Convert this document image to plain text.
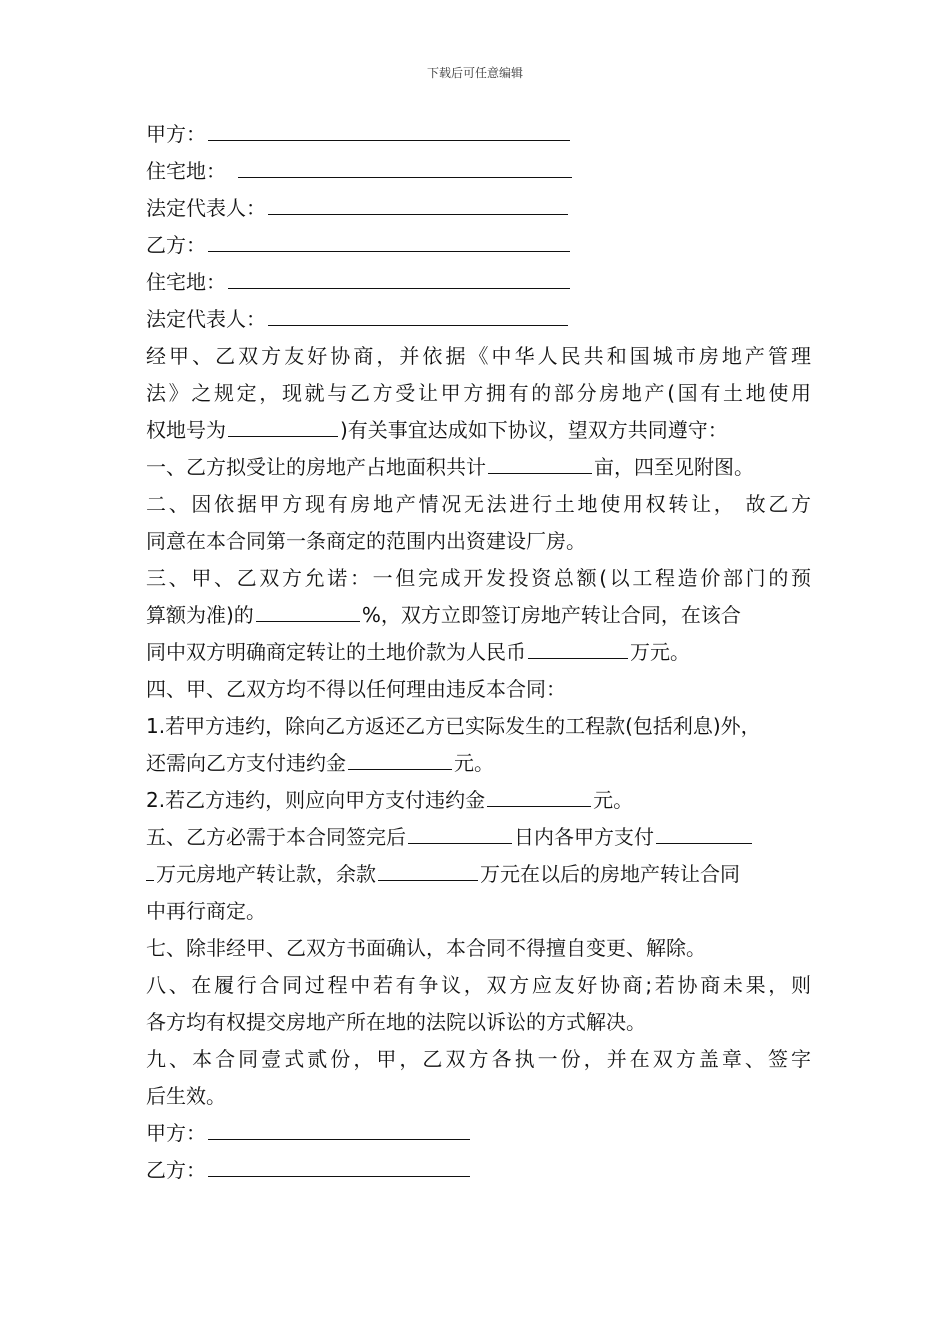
下载后可任意编辑
甲方：
住宅地：
法定代表人：
乙方：
住宅地：
法定代表人：
经甲、乙双方友好协商，并依据《中华人民共和国城市房地产管理
法》之规定，现就与乙方受让甲方拥有的部分房地产(国有土地使用
权地号为	)有关事宜达成如下协议，望双方共同遵守：
一、乙方拟受让的房地产占地面积共计	亩，四至见附图。
二、因依据甲方现有房地产情况无法进行土地使用权转让， 故乙方
同意在本合同第一条商定的范围内出资建设厂房。
三、甲、乙双方允诺：一但完成开发投资总额(以工程造价部门的预
算额为准)的	%，双方立即签订房地产转让合同，在该合
同中双方明确商定转让的土地价款为人民币	万元。
四、甲、乙双方均不得以任何理由违反本合同：
1.若甲方违约，除向乙方返还乙方已实际发生的工程款(包括利息)外，
还需向乙方支付违约金	元。
2.若乙方违约，则应向甲方支付违约金	元。
五、乙方必需于本合同签完后	日内各甲方支付
万元房地产转让款，余款	万元在以后的房地产转让合同
中再行商定。
七、除非经甲、乙双方书面确认，本合同不得擅自变更、解除。
八、在履行合同过程中若有争议，双方应友好协商;若协商未果，则
各方均有权提交房地产所在地的法院以诉讼的方式解决。
九、本合同壹式贰份，甲，乙双方各执一份，并在双方盖章、签字
后生效。
甲方：
乙方：
